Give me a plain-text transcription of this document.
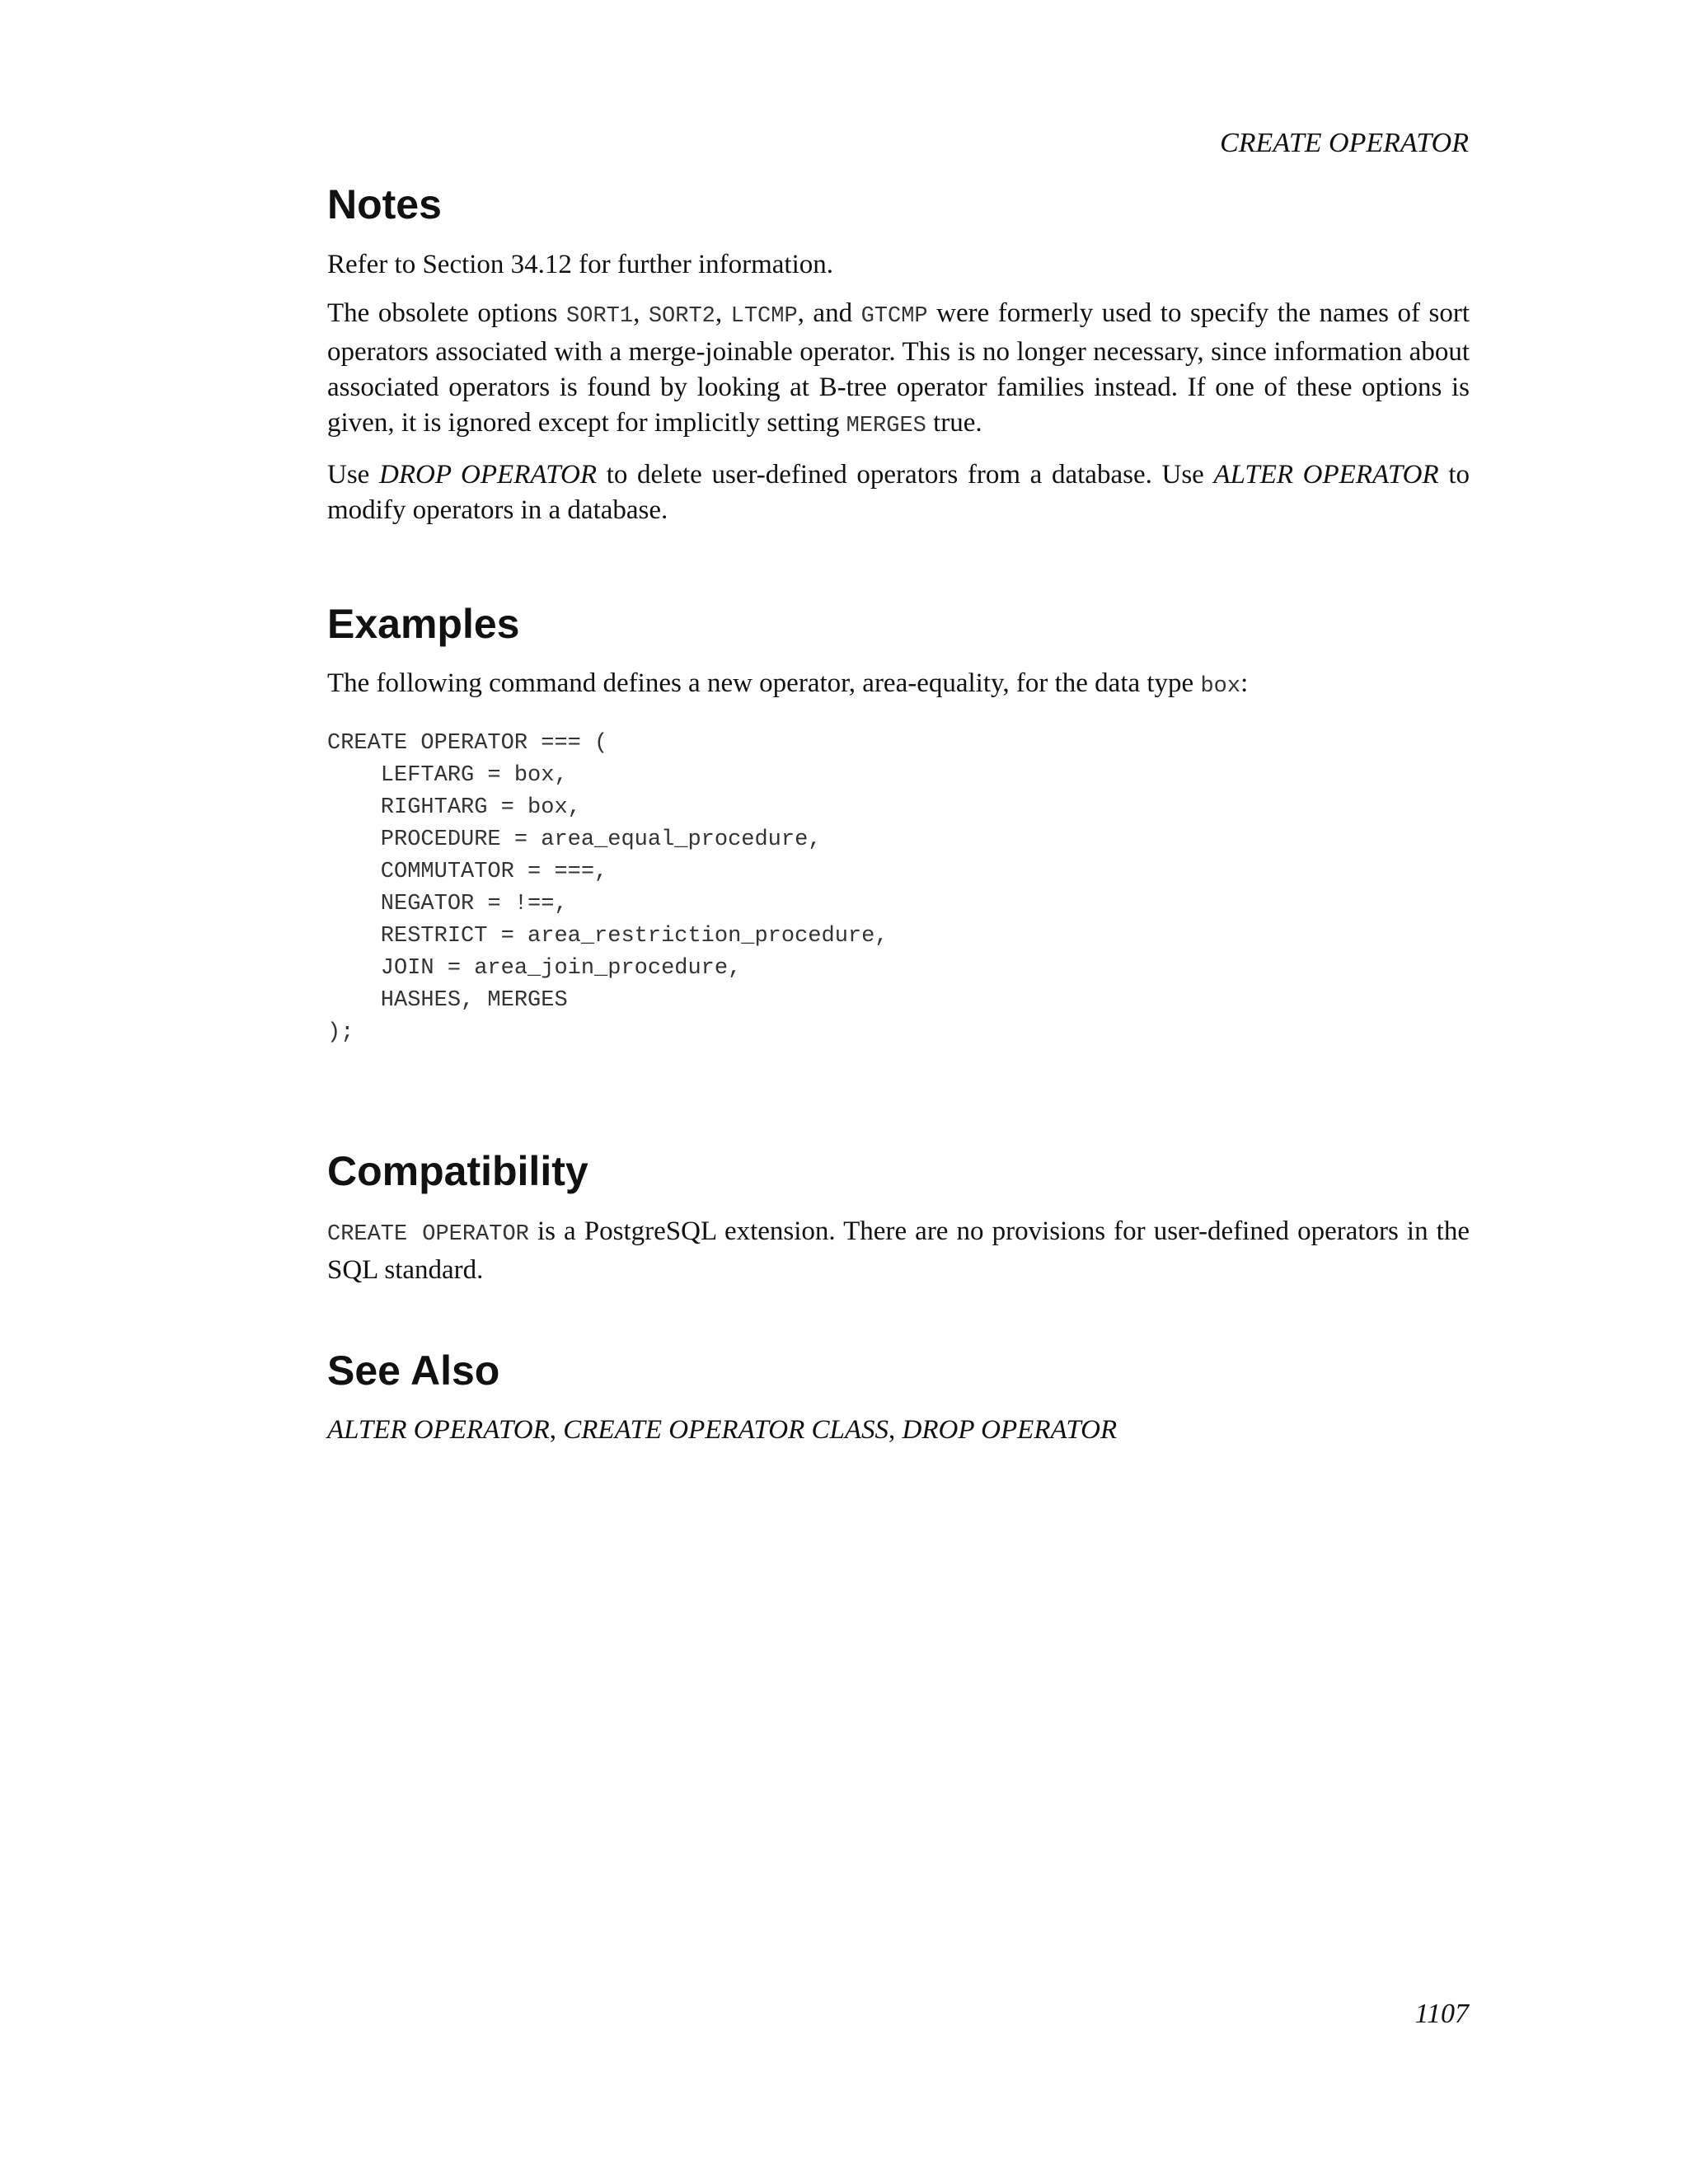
CREATE OPERATOR

Notes

Refer to Section 34.12 for further information.

The obsolete options SORT1, SORT2, LTCMP, and GTCMP were formerly used to specify the names of sort operators associated with a merge-joinable operator. This is no longer necessary, since information about associated operators is found by looking at B-tree operator families instead. If one of these options is given, it is ignored except for implicitly setting MERGES true.

Use DROP OPERATOR to delete user-defined operators from a database. Use ALTER OPERATOR to modify operators in a database.

Examples

The following command defines a new operator, area-equality, for the data type box:

CREATE OPERATOR === (
LEFTARG = box,
RIGHTARG = box,
PROCEDURE = area_equal_procedure,
COMMUTATOR = ===,
NEGATOR = !==,
RESTRICT = area_restriction_procedure,
JOIN = area_join_procedure,
HASHES, MERGES
);
Compatibility

CREATE OPERATOR is a PostgreSQL extension. There are no provisions for user-defined operators in the SQL standard.

See Also

ALTER OPERATOR, CREATE OPERATOR CLASS, DROP OPERATOR

1107
